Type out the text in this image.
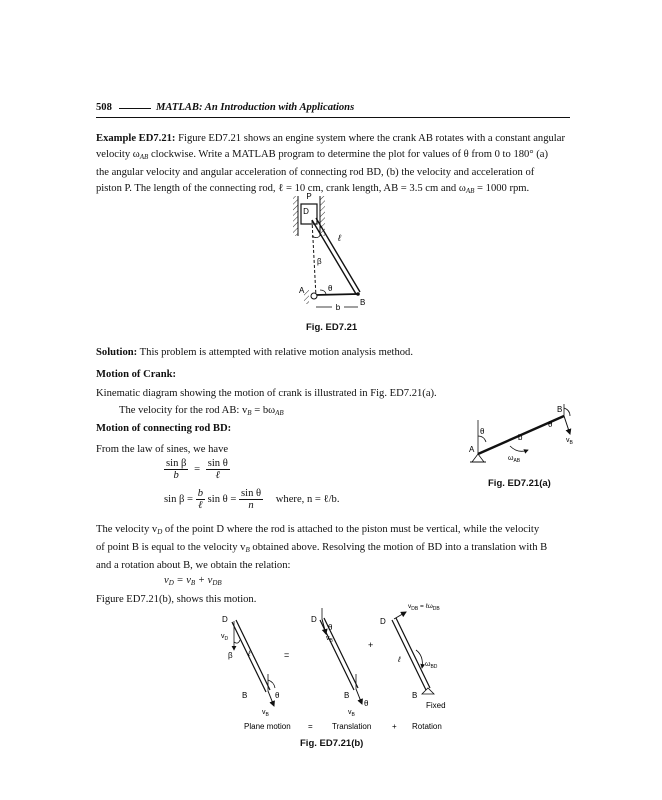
508	MATLAB: An Introduction with Applications
Example ED7.21: Figure ED7.21 shows an engine system where the crank AB rotates with a constant angular
velocity $\omega_{AB}$ clockwise. Write a MATLAB program to determine the plot for values of θ from 0 to 180° (a)
the angular velocity and angular acceleration of connecting rod BD, (b) the velocity and acceleration of
piston P. The length of the connecting rod, ℓ = 10 cm, crank length, AB = 3.5 cm and $\omega_{AB} = 1000$ rpm.
P
D
ℓ
β
A	θ
B
b
Fig. ED7.21
Solution: This problem is attempted with relative motion analysis method.
Motion of Crank:
Kinematic diagram showing the motion of crank is illustrated in Fig. ED7.21(a).
The velocity for the rod AB: $v_B = b\omega_{AB}$
Motion of connecting rod BD:
From the law of sines, we have
$\frac{\text{sin β}}{b} = \frac{\text{sin θ}}{\text{ℓ}}$
$\sin \beta = \frac{b}{\text{ℓ}}$ $\sin \theta = \frac{\text{sin θ}}{n}$ where, n = ℓ/b.
θ
θ
B
b
A
$\omega_{AB}$
$v_B$
Fig. ED7.21(a)
The velocity $v_D$ of the point D where the rod is attached to the piston must be vertical, while the velocity
of point B is equal to the velocity $v_B$ obtained above. Resolving the motion of BD into a translation with B
and a rotation about B, we obtain the relation:
$v_D = v_B + v_{DB}$
Figure ED7.21(b), shows this motion.
D
$v_D$
β ℓ
θ
B
$v_B$
=
D
θ
$v_B$
θ
B
$v_B$
+
D
$v_{DB}$ = ℓω$_{DB}$
ℓ
$\omega_{BD}$
B
Fixed
Plane motion = Translation	+ Rotation
Fig. ED7.21(b)
